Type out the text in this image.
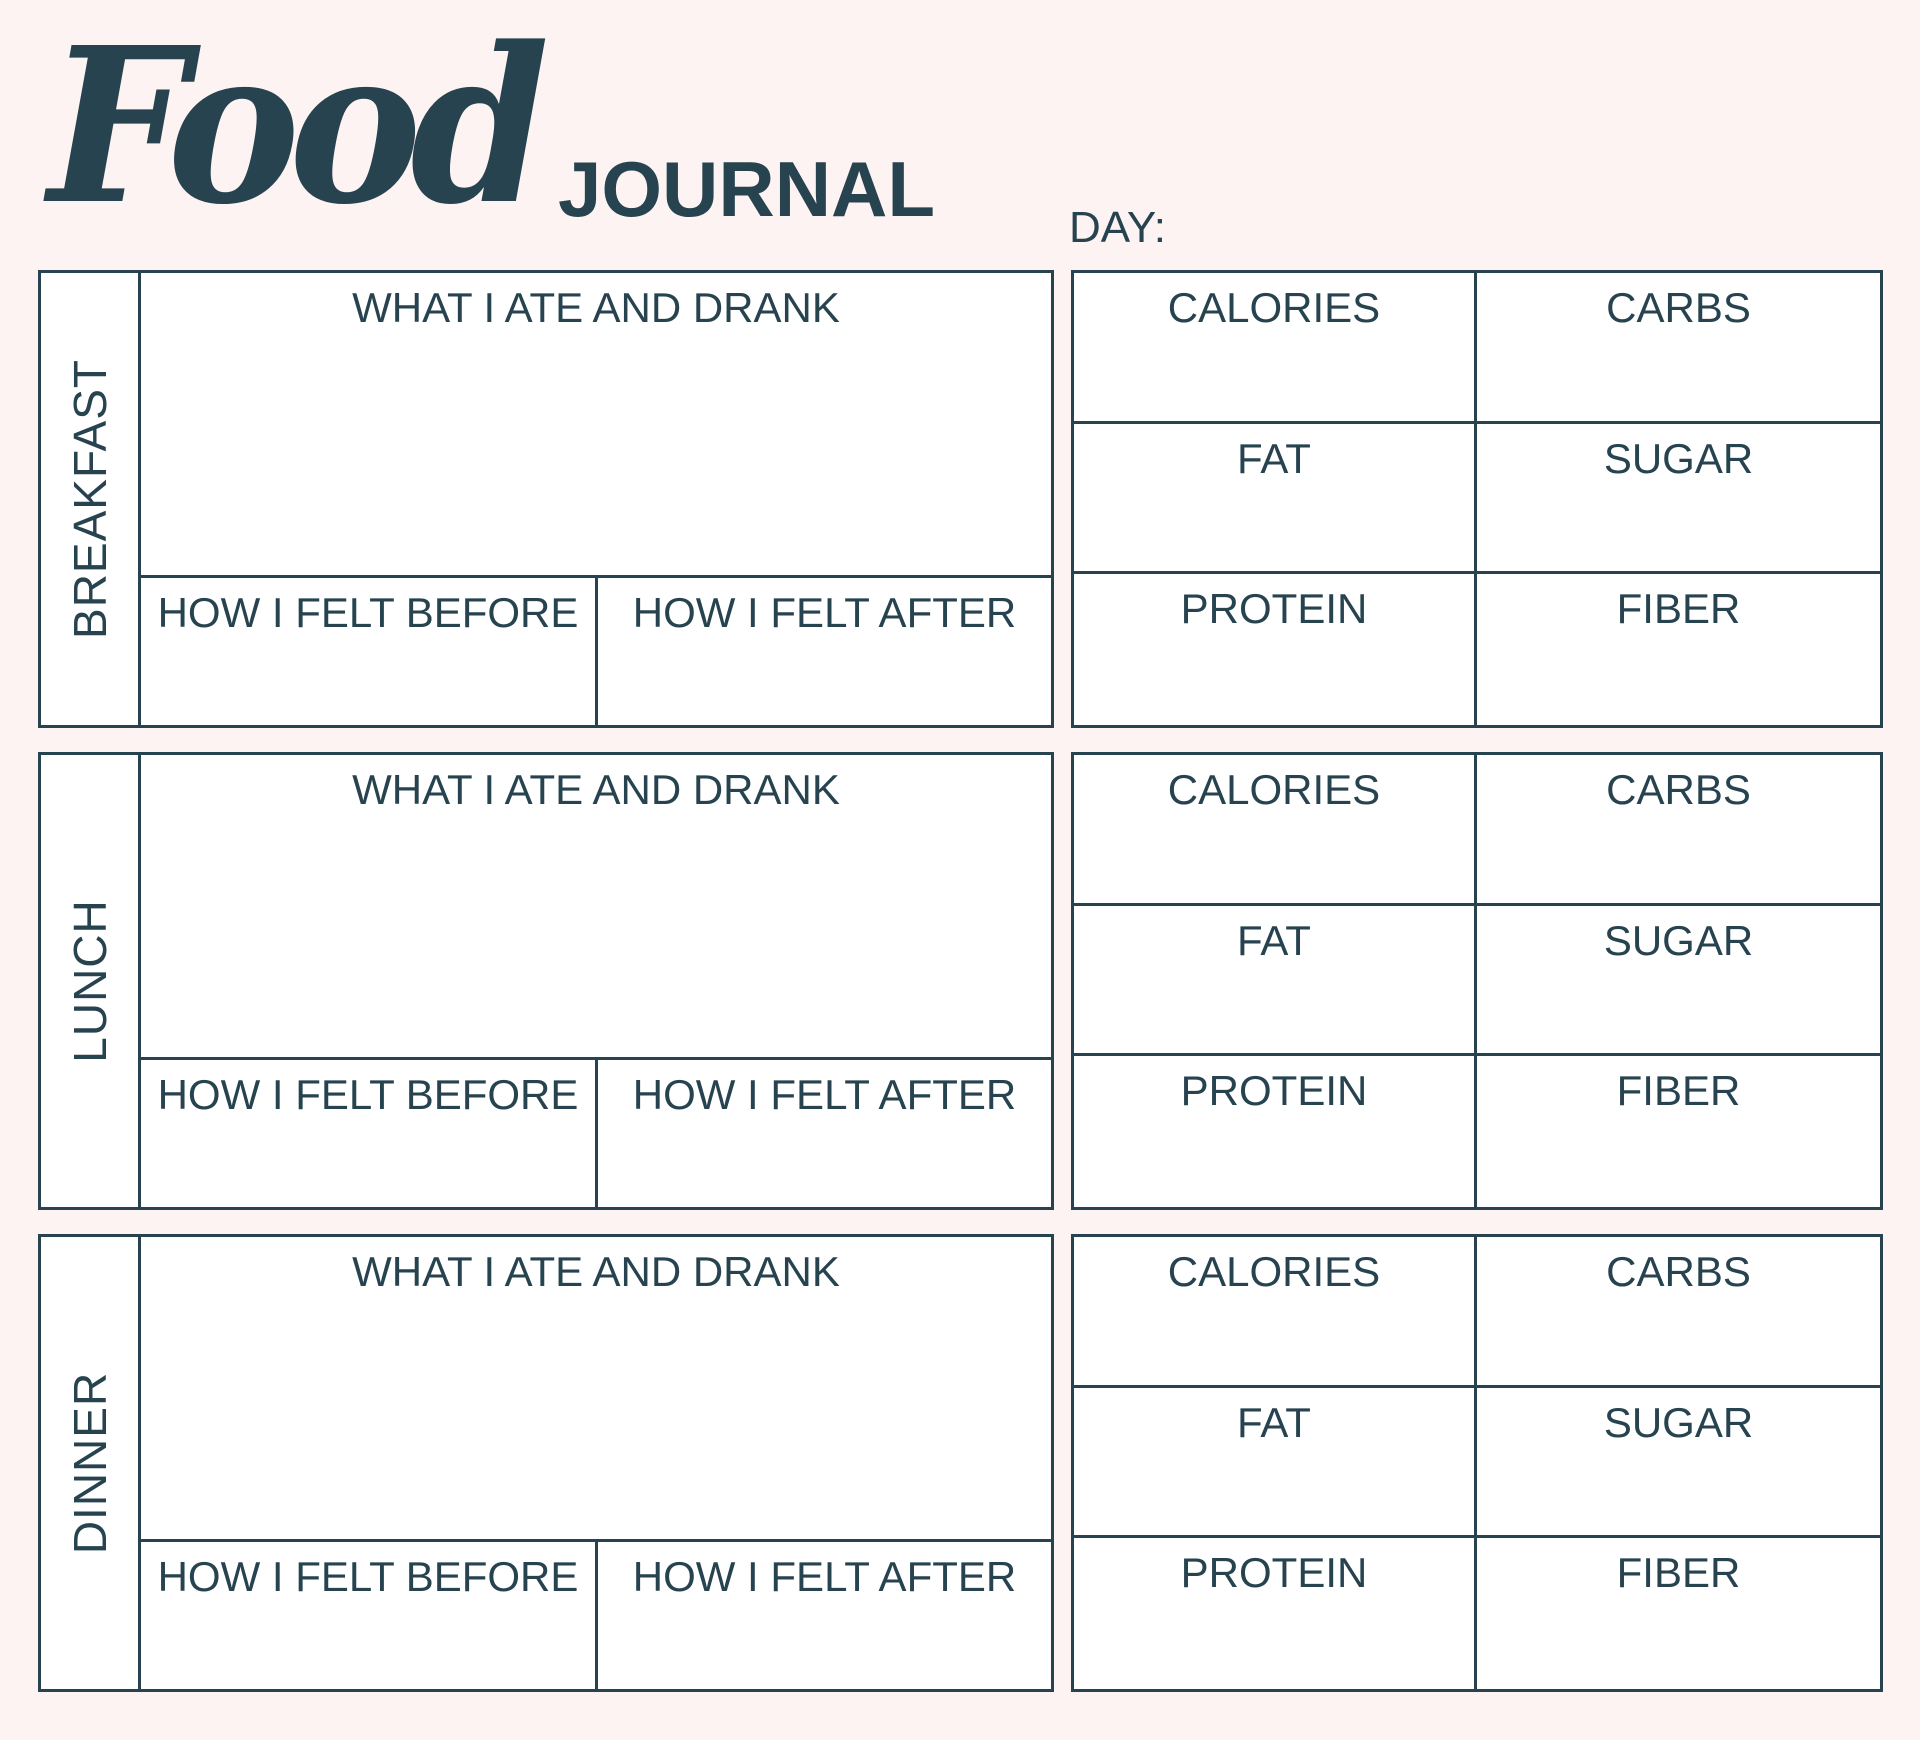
Food JOURNAL	DAY:
BREAKFAST
WHAT I ATE AND DRANK
HOW I FELT BEFORE	HOW I FELT AFTER
CALORIES	CARBS
FAT	SUGAR
PROTEIN	FIBER
LUNCH
WHAT I ATE AND DRANK
HOW I FELT BEFORE	HOW I FELT AFTER
CALORIES	CARBS
FAT	SUGAR
PROTEIN	FIBER
DINNER
WHAT I ATE AND DRANK
HOW I FELT BEFORE	HOW I FELT AFTER
CALORIES	CARBS
FAT	SUGAR
PROTEIN	FIBER
